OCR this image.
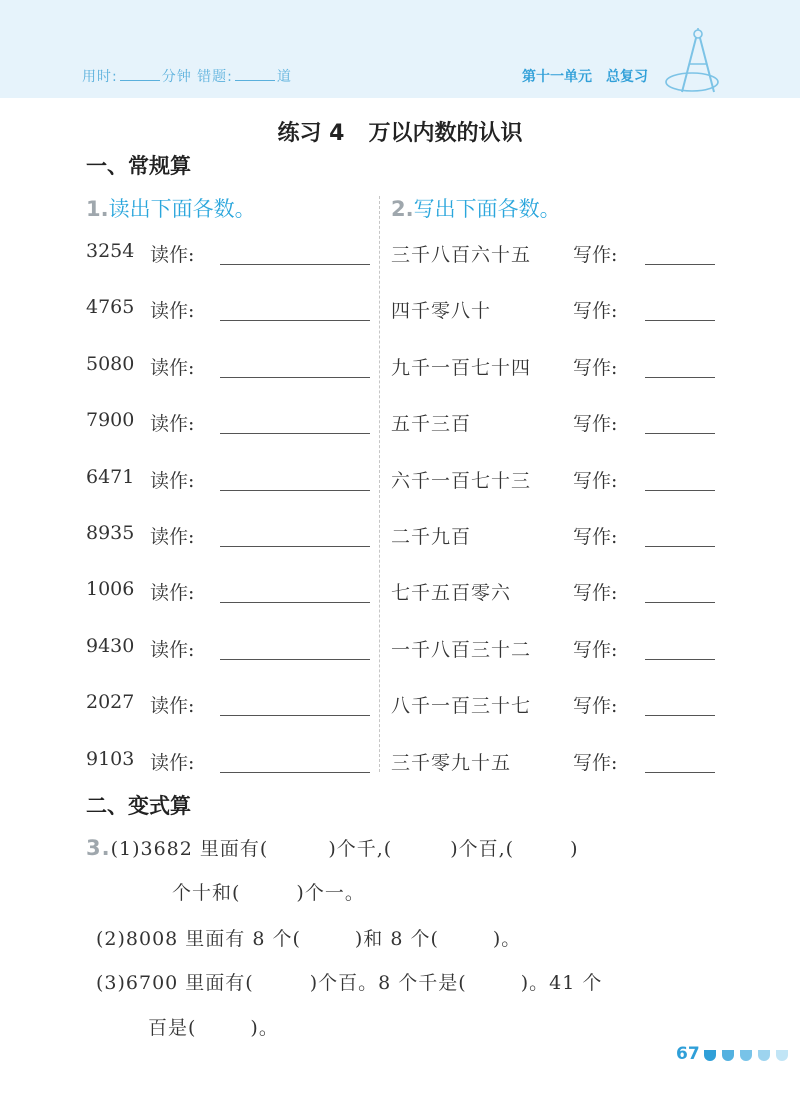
用时:	分钟 错题:	道	第十一单元 总复习
练习 4 万以内数的认识
一、常规算
1.读出下面各数。	2.写出下面各数。
3254 读作:	三千八百六十五 写作:
4765 读作:	四千零八十	写作:
5080 读作:	九千一百七十四 写作:
7900 读作:	五千三百	写作:
6471 读作:	六千一百七十三 写作:
8935 读作:	二千九百	写作:
1006 读作:	七千五百零六	写作:
9430 读作:	一千八百三十二 写作:
2027 读作:	八千一百三十七 写作:
9103 读作:	三千零九十五	写作:
二、变式算
3.(1)3682 里面有(	)个千,(	)个百,(	)
个十和(	)个一。
(2)8008 里面有 8 个(	)和 8 个(	)。
(3)6700 里面有(	)个百。8 个千是(	)。41 个
百是(	)。
67
